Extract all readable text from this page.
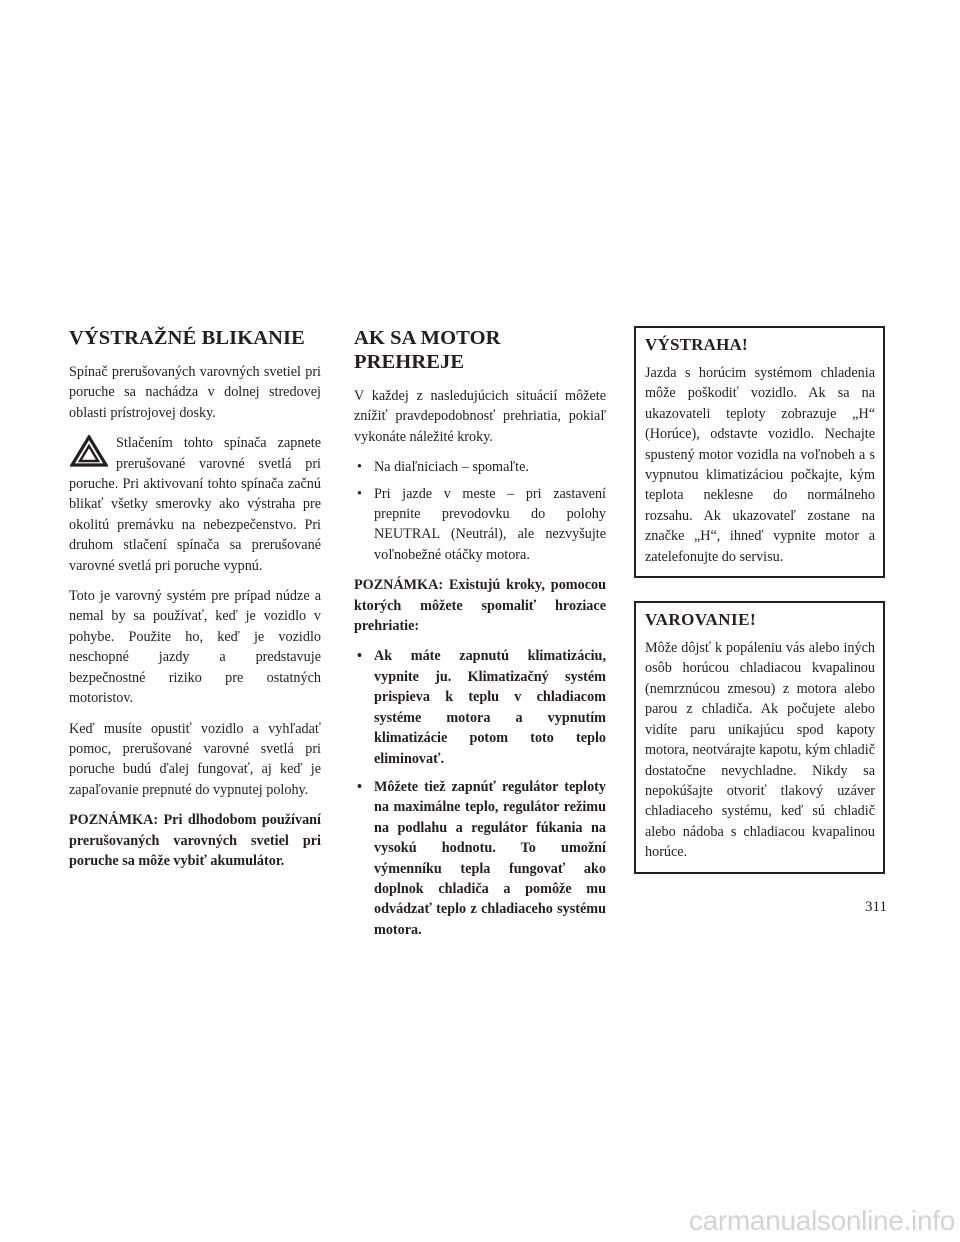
VÝSTRAŽNÉ BLIKANIE

Spínač prerušovaných varovných svetiel pri poruche sa nachádza v dolnej stredovej oblasti prístrojovej dosky.

Stlačením tohto spínača zapnete prerušované varovné svetlá pri poruche. Pri aktivovaní tohto spínača začnú blikať všetky smerovky ako výstraha pre okolitú premávku na nebezpečenstvo. Pri druhom stlačení spínača sa prerušované varovné svetlá pri poruche vypnú.

Toto je varovný systém pre prípad núdze a nemal by sa používať, keď je vozidlo v pohybe. Použite ho, keď je vozidlo neschopné jazdy a predstavuje bezpečnostné riziko pre ostatných motoristov.

Keď musíte opustiť vozidlo a vyhľadať pomoc, prerušované varovné svetlá pri poruche budú ďalej fungovať, aj keď je zapaľovanie prepnuté do vypnutej polohy.

POZNÁMKA: Pri dlhodobom používaní prerušovaných varovných svetiel pri poruche sa môže vybiť akumulátor.

AK SA MOTOR PREHREJE

V každej z nasledujúcich situácií môžete znížiť pravdepodobnosť prehriatia, pokiaľ vykonáte náležité kroky.

• Na diaľniciach – spomaľte.
• Pri jazde v meste – pri zastavení prepnite prevodovku do polohy NEUTRAL (Neutrál), ale nezvyšujte voľnobežné otáčky motora.

POZNÁMKA: Existujú kroky, pomocou ktorých môžete spomaliť hroziace prehriatie:

• Ak máte zapnutú klimatizáciu, vypnite ju. Klimatizačný systém prispieva k teplu v chladiacom systéme motora a vypnutím klimatizácie potom toto teplo eliminovať.
• Môžete tiež zapnúť regulátor teploty na maximálne teplo, regulátor režimu na podlahu a regulátor fúkania na vysokú hodnotu. To umožní výmenníku tepla fungovať ako doplnok chladiča a pomôže mu odvádzať teplo z chladiaceho systému motora.
VÝSTRAHA!

Jazda s horúcim systémom chladenia môže poškodiť vozidlo. Ak sa na ukazovateli teploty zobrazuje „H“ (Horúce), odstavte vozidlo. Nechajte spustený motor vozidla na voľnobeh a s vypnutou klimatizáciou počkajte, kým teplota neklesne do normálneho rozsahu. Ak ukazovateľ zostane na značke „H“, ihneď vypnite motor a zatelefonujte do servisu.

VAROVANIE!

Môže dôjsť k popáleniu vás alebo iných osôb horúcou chladiacou kvapalinou (nemrznúcou zmesou) z motora alebo parou z chladiča. Ak počujete alebo vidíte paru unikajúcu spod kapoty motora, neotvárajte kapotu, kým chladič dostatočne nevychladne. Nikdy sa nepokúšajte otvoriť tlakový uzáver chladiaceho systému, keď sú chladič alebo nádoba s chladiacou kvapalinou horúce.

311
carmanualsonline.info
